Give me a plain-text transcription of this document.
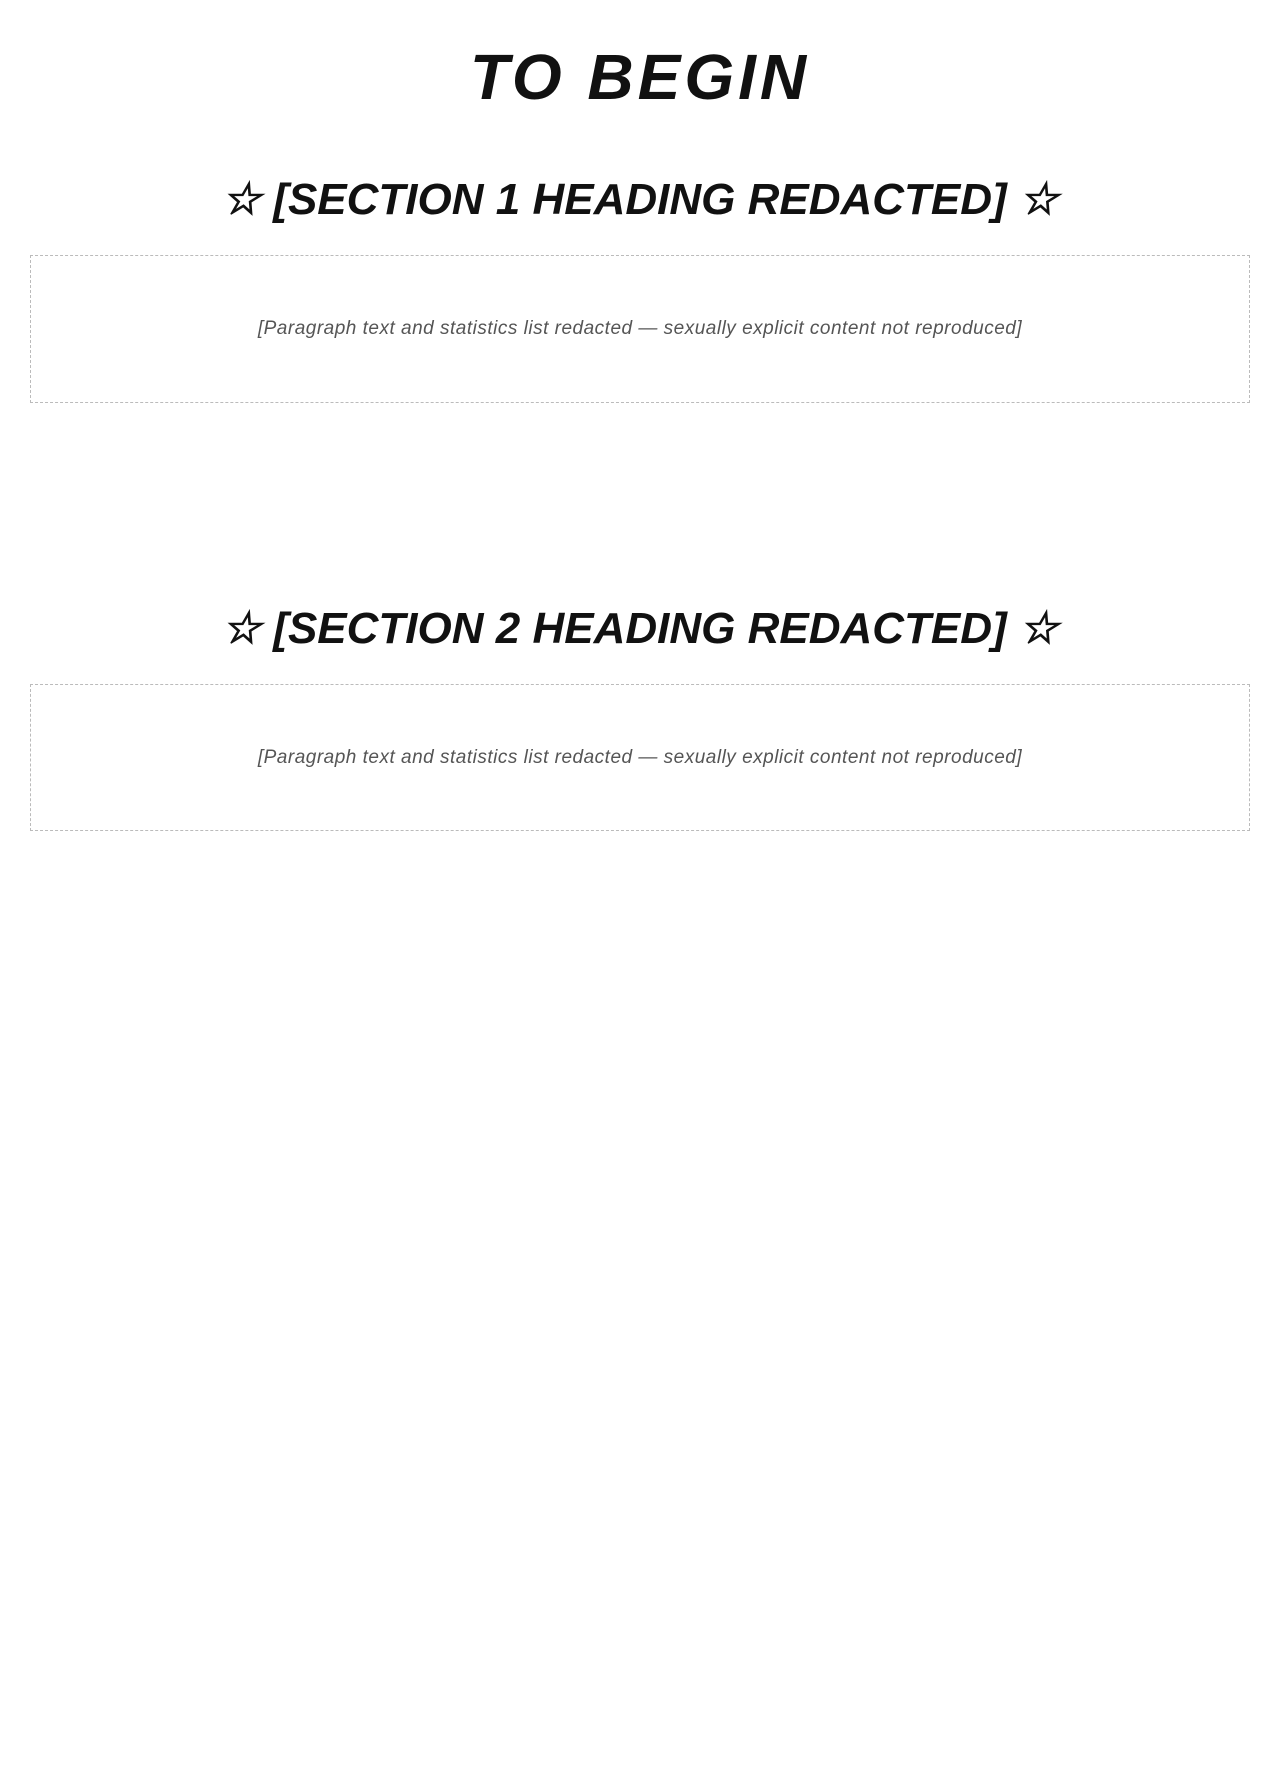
TO BEGIN
☆ [SECTION 1 HEADING REDACTED] ☆
[Paragraph text and statistics list redacted — sexually explicit content not reproduced]
☆ [SECTION 2 HEADING REDACTED] ☆
[Paragraph text and statistics list redacted — sexually explicit content not reproduced]
